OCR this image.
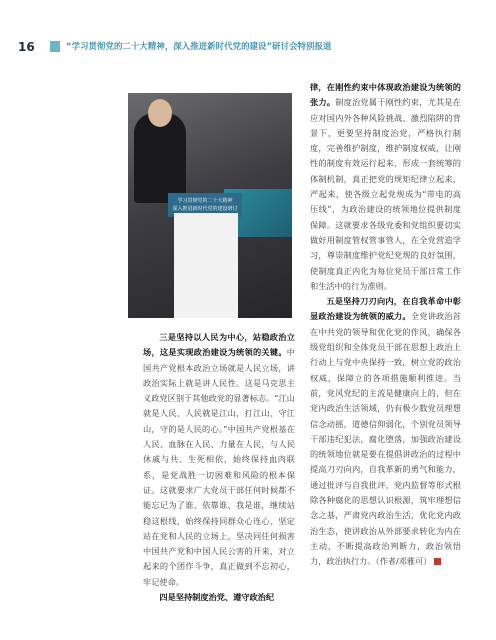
16	“学习贯彻党的二十大精神，深入推进新时代党的建设”研讨会特别报道
学习贯彻党的二十大精神
深入推进新时代党的建设研讨

三是坚持以人民为中心，站稳政治立场，这是实现政治建设为统领的关键。中国共产党根本政治立场就是人民立场，讲政治实际上就是讲人民性。这是马克思主义政党区别于其他政党的显著标志。“江山就是人民、人民就是江山，打江山、守江山，守的是人民的心。”中国共产党根基在人民、血脉在人民、力量在人民，与人民休戚与共、生死相依，始终保持血肉联系，是党战胜一切困难和风险的根本保证。这就要求广大党员干部任何时候都不能忘记为了谁、依靠谁、我是谁，继续站稳这根线，始终保持同群众心连心、坚定站在党和人民的立场上，坚决同任何损害中国共产党和中国人民公害的开来，对立起来的个团作斗争，真正做到不忘初心，牢记使命。

四是坚持制度治党、遵守政治纪

律，在刚性约束中体现政治建设为统领的张力。制度治党属于刚性约束，尤其是在应对国内外各种风险挑战、激烈陷阱的背景下，更要坚持制度治党，严格执行制度，完善维护制度，维护制度权威，让刚性的制度有效运行起来，形成一套统筹的体制机制，真正把党的规矩纪律立起来，严起来，使各级立起党规成为“带电的高压线”，为政治建设的统领地位提供制度保障。这就要求各级党委和党组织要切实做好用制度管权管事管人，在全党营造学习，尊崇制度维护党纪党规的良好氛围，使制度真正内化为每位党员干部日常工作和生活中的行为准则。

五是坚持刀刃向内，在自我革命中彰显政治建设为统领的威力。全党讲政治首在中共党的领导和优化党的作风，确保各级党组织和全体党员干部在思想上政治上行动上与党中央保持一致，树立党的政治权威，保障立的各项措施顺利推进。当前，党风党纪的主流是健康向上的，但在党内政治生活领域，仍有极少数党员理想信念动摇，道德信仰弱化，个别党员领导干部违纪犯法，腐化堕落，加强政治建设的统领地位就是要在提倡讲政治的过程中提高刀刃向内，自我革新的勇气和能力，通过批评与自我批评，党内监督等形式根除各种腐化的思想认识根源，筑牢理想信念之基，严肃党内政治生活，优化党内政治生态，使讲政治从外部要求转化为内在主动，不断提高政治判断力，政治领悟力，政治执行力。（作者/邓雅可）
